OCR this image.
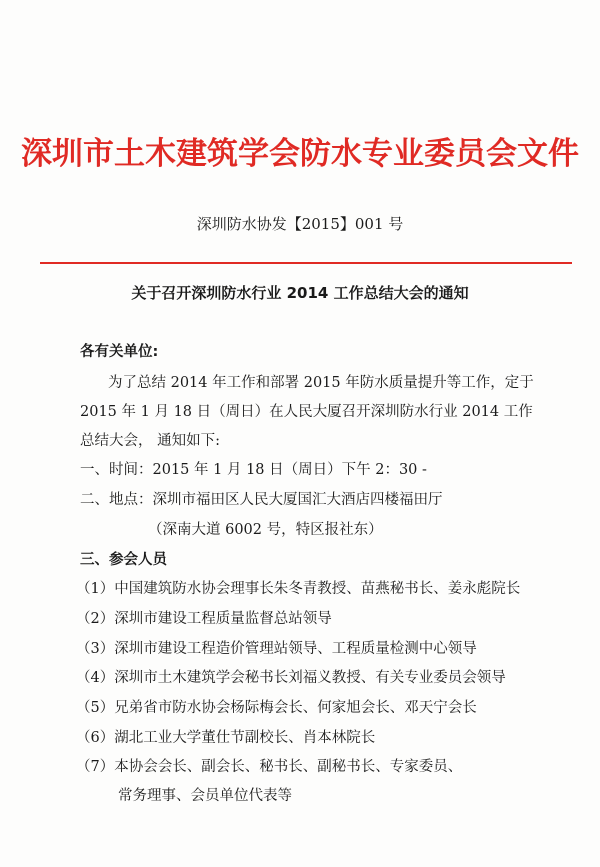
深圳市土木建筑学会防水专业委员会文件
深圳防水协发【2015】001 号
关于召开深圳防水行业 2014 工作总结大会的通知
各有关单位:
为了总结 2014 年工作和部署 2015 年防水质量提升等工作，定于
2015 年 1 月 18 日（周日）在人民大厦召开深圳防水行业 2014 工作
总结大会， 通知如下:
一、时间：2015 年 1 月 18 日（周日）下午 2：30 -
二、地点：深圳市福田区人民大厦国汇大酒店四楼福田厅
（深南大道 6002 号，特区报社东）
三、参会人员
（1）中国建筑防水协会理事长朱冬青教授、苗燕秘书长、姜永彪院长
（2）深圳市建设工程质量监督总站领导
（3）深圳市建设工程造价管理站领导、工程质量检测中心领导
（4）深圳市土木建筑学会秘书长刘福义教授、有关专业委员会领导
（5）兄弟省市防水协会杨际梅会长、何家旭会长、邓天宁会长
（6）湖北工业大学董仕节副校长、肖本林院长
（7）本协会会长、副会长、秘书长、副秘书长、专家委员、
常务理事、会员单位代表等
